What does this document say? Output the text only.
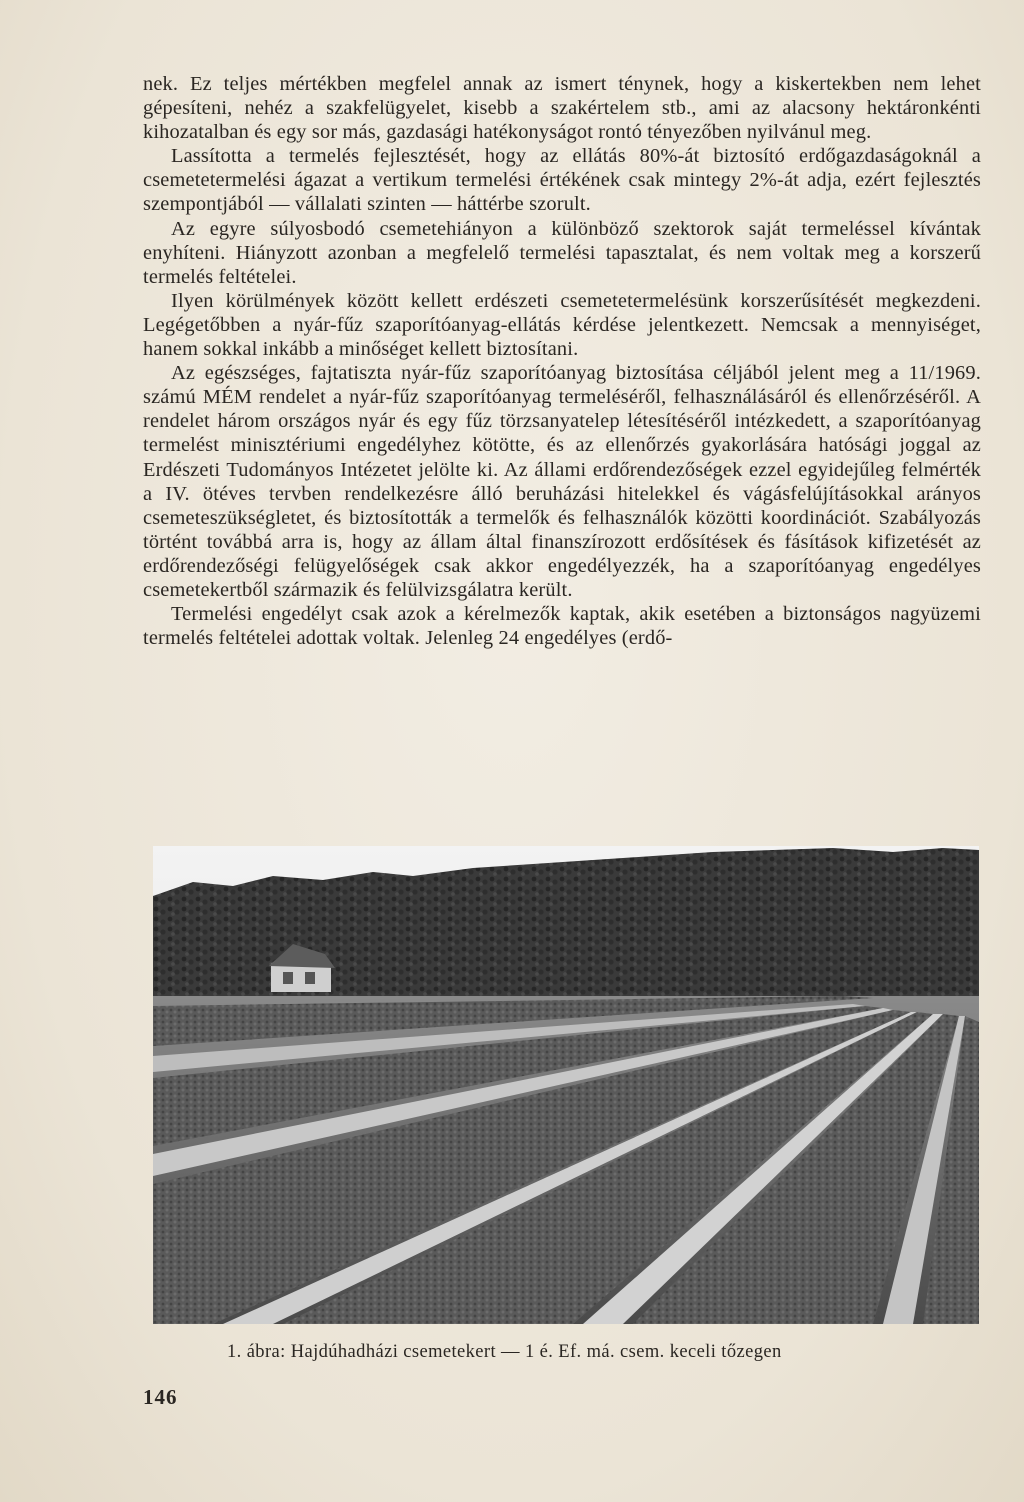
nek. Ez teljes mértékben megfelel annak az ismert ténynek, hogy a kiskertekben nem lehet gépesíteni, nehéz a szakfelügyelet, kisebb a szakértelem stb., ami az alacsony hektáronkénti kihozatalban és egy sor más, gazdasági hatékonyságot rontó tényezőben nyilvánul meg.

Lassította a termelés fejlesztését, hogy az ellátás 80%-át biztosító erdőgazdaságoknál a csemetetermelési ágazat a vertikum termelési értékének csak mintegy 2%-át adja, ezért fejlesztés szempontjából — vállalati szinten — háttérbe szorult.

Az egyre súlyosbodó csemetehiányon a különböző szektorok saját termeléssel kívántak enyhíteni. Hiányzott azonban a megfelelő termelési tapasztalat, és nem voltak meg a korszerű termelés feltételei.

Ilyen körülmények között kellett erdészeti csemetetermelésünk korszerűsítését megkezdeni. Legégetőbben a nyár-fűz szaporítóanyag-ellátás kérdése jelentkezett. Nemcsak a mennyiséget, hanem sokkal inkább a minőséget kellett biztosítani.

Az egészséges, fajtatiszta nyár-fűz szaporítóanyag biztosítása céljából jelent meg a 11/1969. számú MÉM rendelet a nyár-fűz szaporítóanyag termeléséről, felhasználásáról és ellenőrzéséről. A rendelet három országos nyár és egy fűz törzsanyatelep létesítéséről intézkedett, a szaporítóanyag termelést minisztériumi engedélyhez kötötte, és az ellenőrzés gyakorlására hatósági joggal az Erdészeti Tudományos Intézetet jelölte ki. Az állami erdőrendezőségek ezzel egyidejűleg felmérték a IV. ötéves tervben rendelkezésre álló beruházási hitelekkel és vágásfelújításokkal arányos csemeteszükségletet, és biztosították a termelők és felhasználók közötti koordinációt. Szabályozás történt továbbá arra is, hogy az állam által finanszírozott erdősítések és fásítások kifizetését az erdőrendezőségi felügyelőségek csak akkor engedélyezzék, ha a szaporítóanyag engedélyes csemetekertből származik és felülvizsgálatra került.

Termelési engedélyt csak azok a kérelmezők kaptak, akik esetében a biztonságos nagyüzemi termelés feltételei adottak voltak. Jelenleg 24 engedélyes (erdő-

1. ábra: Hajdúhadházi csemetekert — 1 é. Ef. má. csem. keceli tőzegen
146
